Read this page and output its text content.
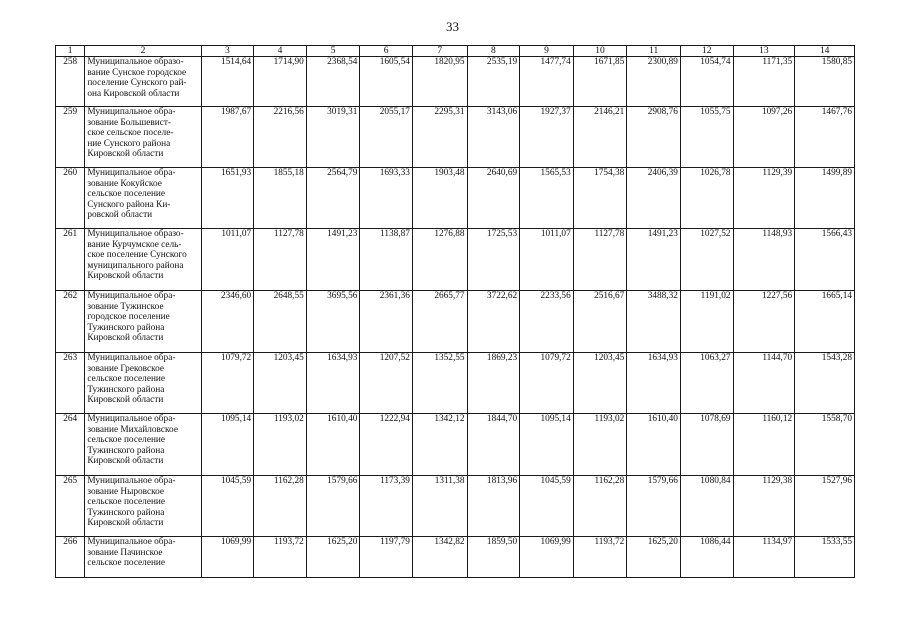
33
1	2	3	4	5	6	7	8	9	10	11	12	13	14
258	Муниципальное образо-
вание Сунское городское
поселение Сунского рай-
она Кировской области	1514,64	1714,90	2368,54	1605,54	1820,95	2535,19	1477,74	1671,85	2300,89	1054,74	1171,35	1580,85
259	Муниципальное обра-
зование Большевист-
ское сельское поселе-
ние Сунского района
Кировской области	1987,67	2216,56	3019,31	2055,17	2295,31	3143,06	1927,37	2146,21	2908,76	1055,75	1097,26	1467,76
260	Муниципальное обра-
зование Кокуйское
сельское поселение
Сунского района Ки-
ровской области	1651,93	1855,18	2564,79	1693,33	1903,48	2640,69	1565,53	1754,38	2406,39	1026,78	1129,39	1499,89
261	Муниципальное образо-
вание Курчумское сель-
ское поселение Сунского
муниципального района
Кировской области	1011,07	1127,78	1491,23	1138,87	1276,88	1725,53	1011,07	1127,78	1491,23	1027,52	1148,93	1566,43
262	Муниципальное обра-
зование Тужинское
городское поселение
Тужинского района
Кировской области	2346,60	2648,55	3695,56	2361,36	2665,77	3722,62	2233,56	2516,67	3488,32	1191,02	1227,56	1665,14
263	Муниципальное обра-
зование Грековское
сельское поселение
Тужинского района
Кировской области	1079,72	1203,45	1634,93	1207,52	1352,55	1869,23	1079,72	1203,45	1634,93	1063,27	1144,70	1543,28
264	Муниципальное обра-
зование Михайловское
сельское поселение
Тужинского района
Кировской области	1095,14	1193,02	1610,40	1222,94	1342,12	1844,70	1095,14	1193,02	1610,40	1078,69	1160,12	1558,70
265	Муниципальное обра-
зование Ныровское
сельское поселение
Тужинского района
Кировской области	1045,59	1162,28	1579,66	1173,39	1311,38	1813,96	1045,59	1162,28	1579,66	1080,84	1129,38	1527,96
266	Муниципальное обра-
зование Пачинское
сельское поселение	1069,99	1193,72	1625,20	1197,79	1342,82	1859,50	1069,99	1193,72	1625,20	1086,44	1134,97	1533,55
